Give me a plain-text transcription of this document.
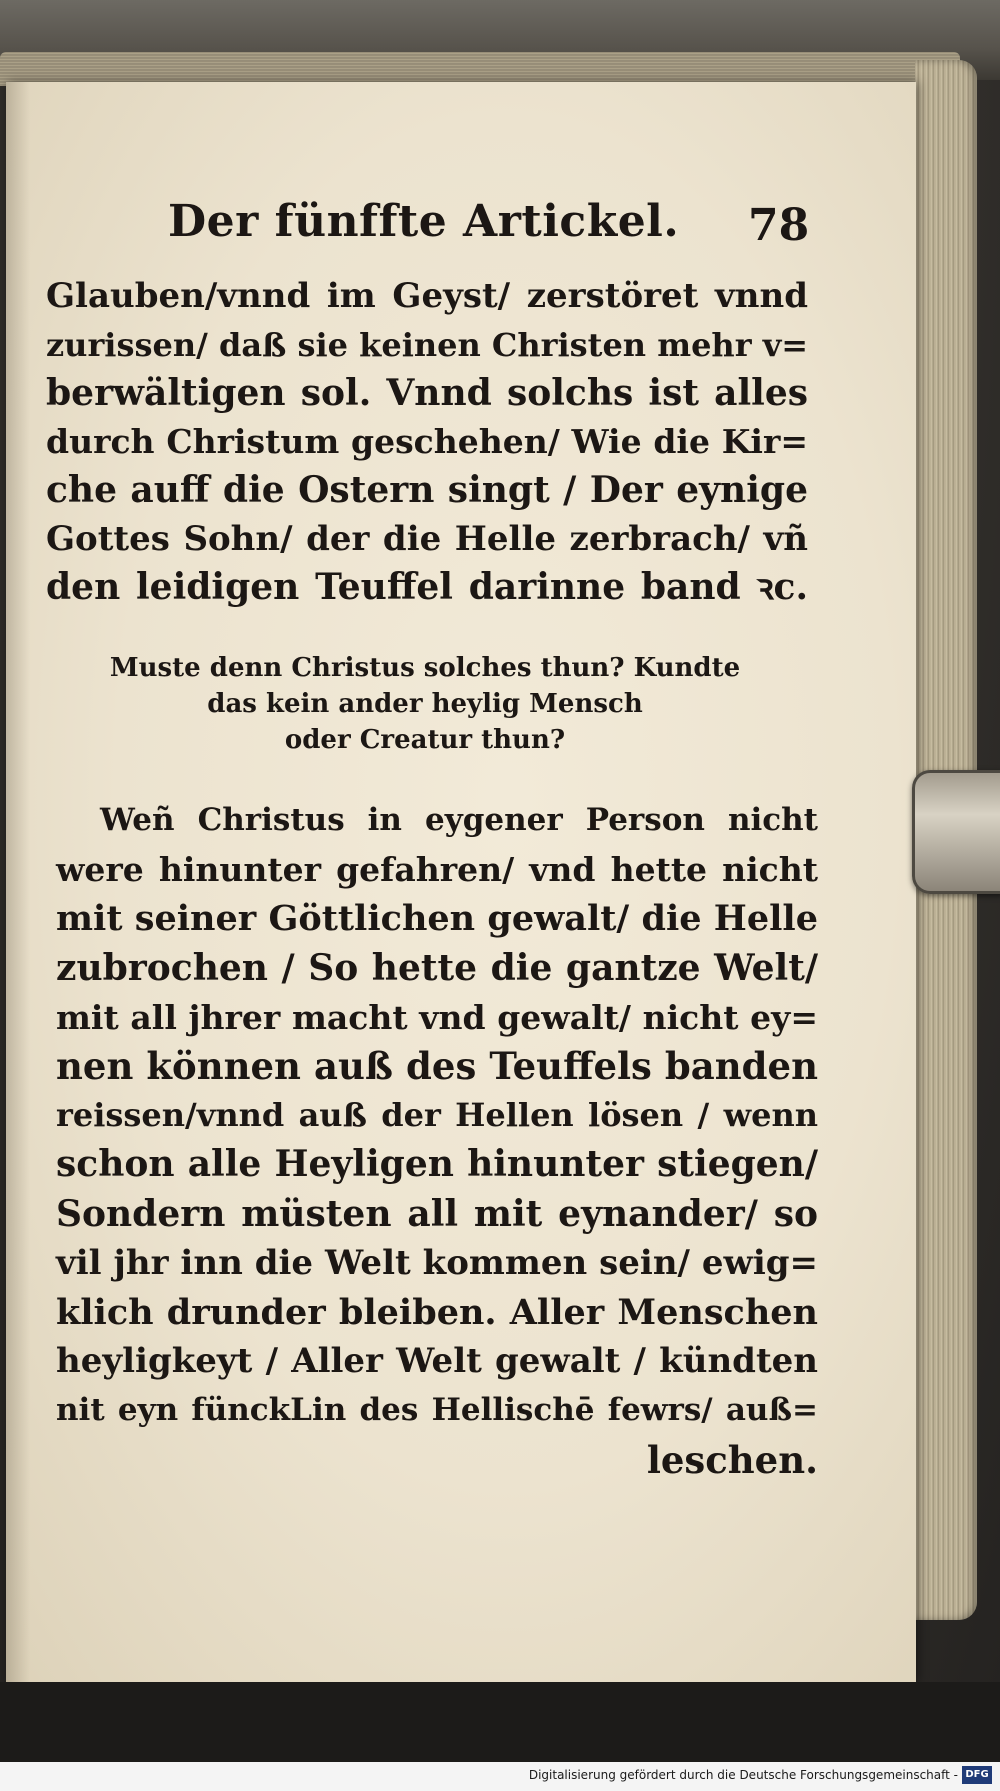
Der fünffte Artickel. 78
Glauben/vnnd im Geyst/ zerstöret vnnd
zurissen/ daß sie keinen Christen mehr v=
berwältigen sol. Vnnd solchs ist alles
durch Christum geschehen/ Wie die Kir=
che auff die Ostern singt / Der eynige
Gottes Sohn/ der die Helle zerbrach/ vñ
den leidigen Teuffel darinne band ꝛc.
Muste denn Christus solches thun? Kundte
das kein ander heylig Mensch
oder Creatur thun?
Weñ Christus in eygener Person nicht
were hinunter gefahren/ vnd hette nicht
mit seiner Göttlichen gewalt/ die Helle
zubrochen / So hette die gantze Welt/
mit all jhrer macht vnd gewalt/ nicht ey=
nen können auß des Teuffels banden
reissen/vnnd auß der Hellen lösen / wenn
schon alle Heyligen hinunter stiegen/
Sondern müsten all mit eynander/ so
vil jhr inn die Welt kommen sein/ ewig=
klich drunder bleiben. Aller Menschen
heyligkeyt / Aller Welt gewalt / kündten
nit eyn fünckLin des Hellischē fewrs/ auß=
leschen.
Digitalisierung gefördert durch die Deutsche Forschungsgemeinschaft - DFG
